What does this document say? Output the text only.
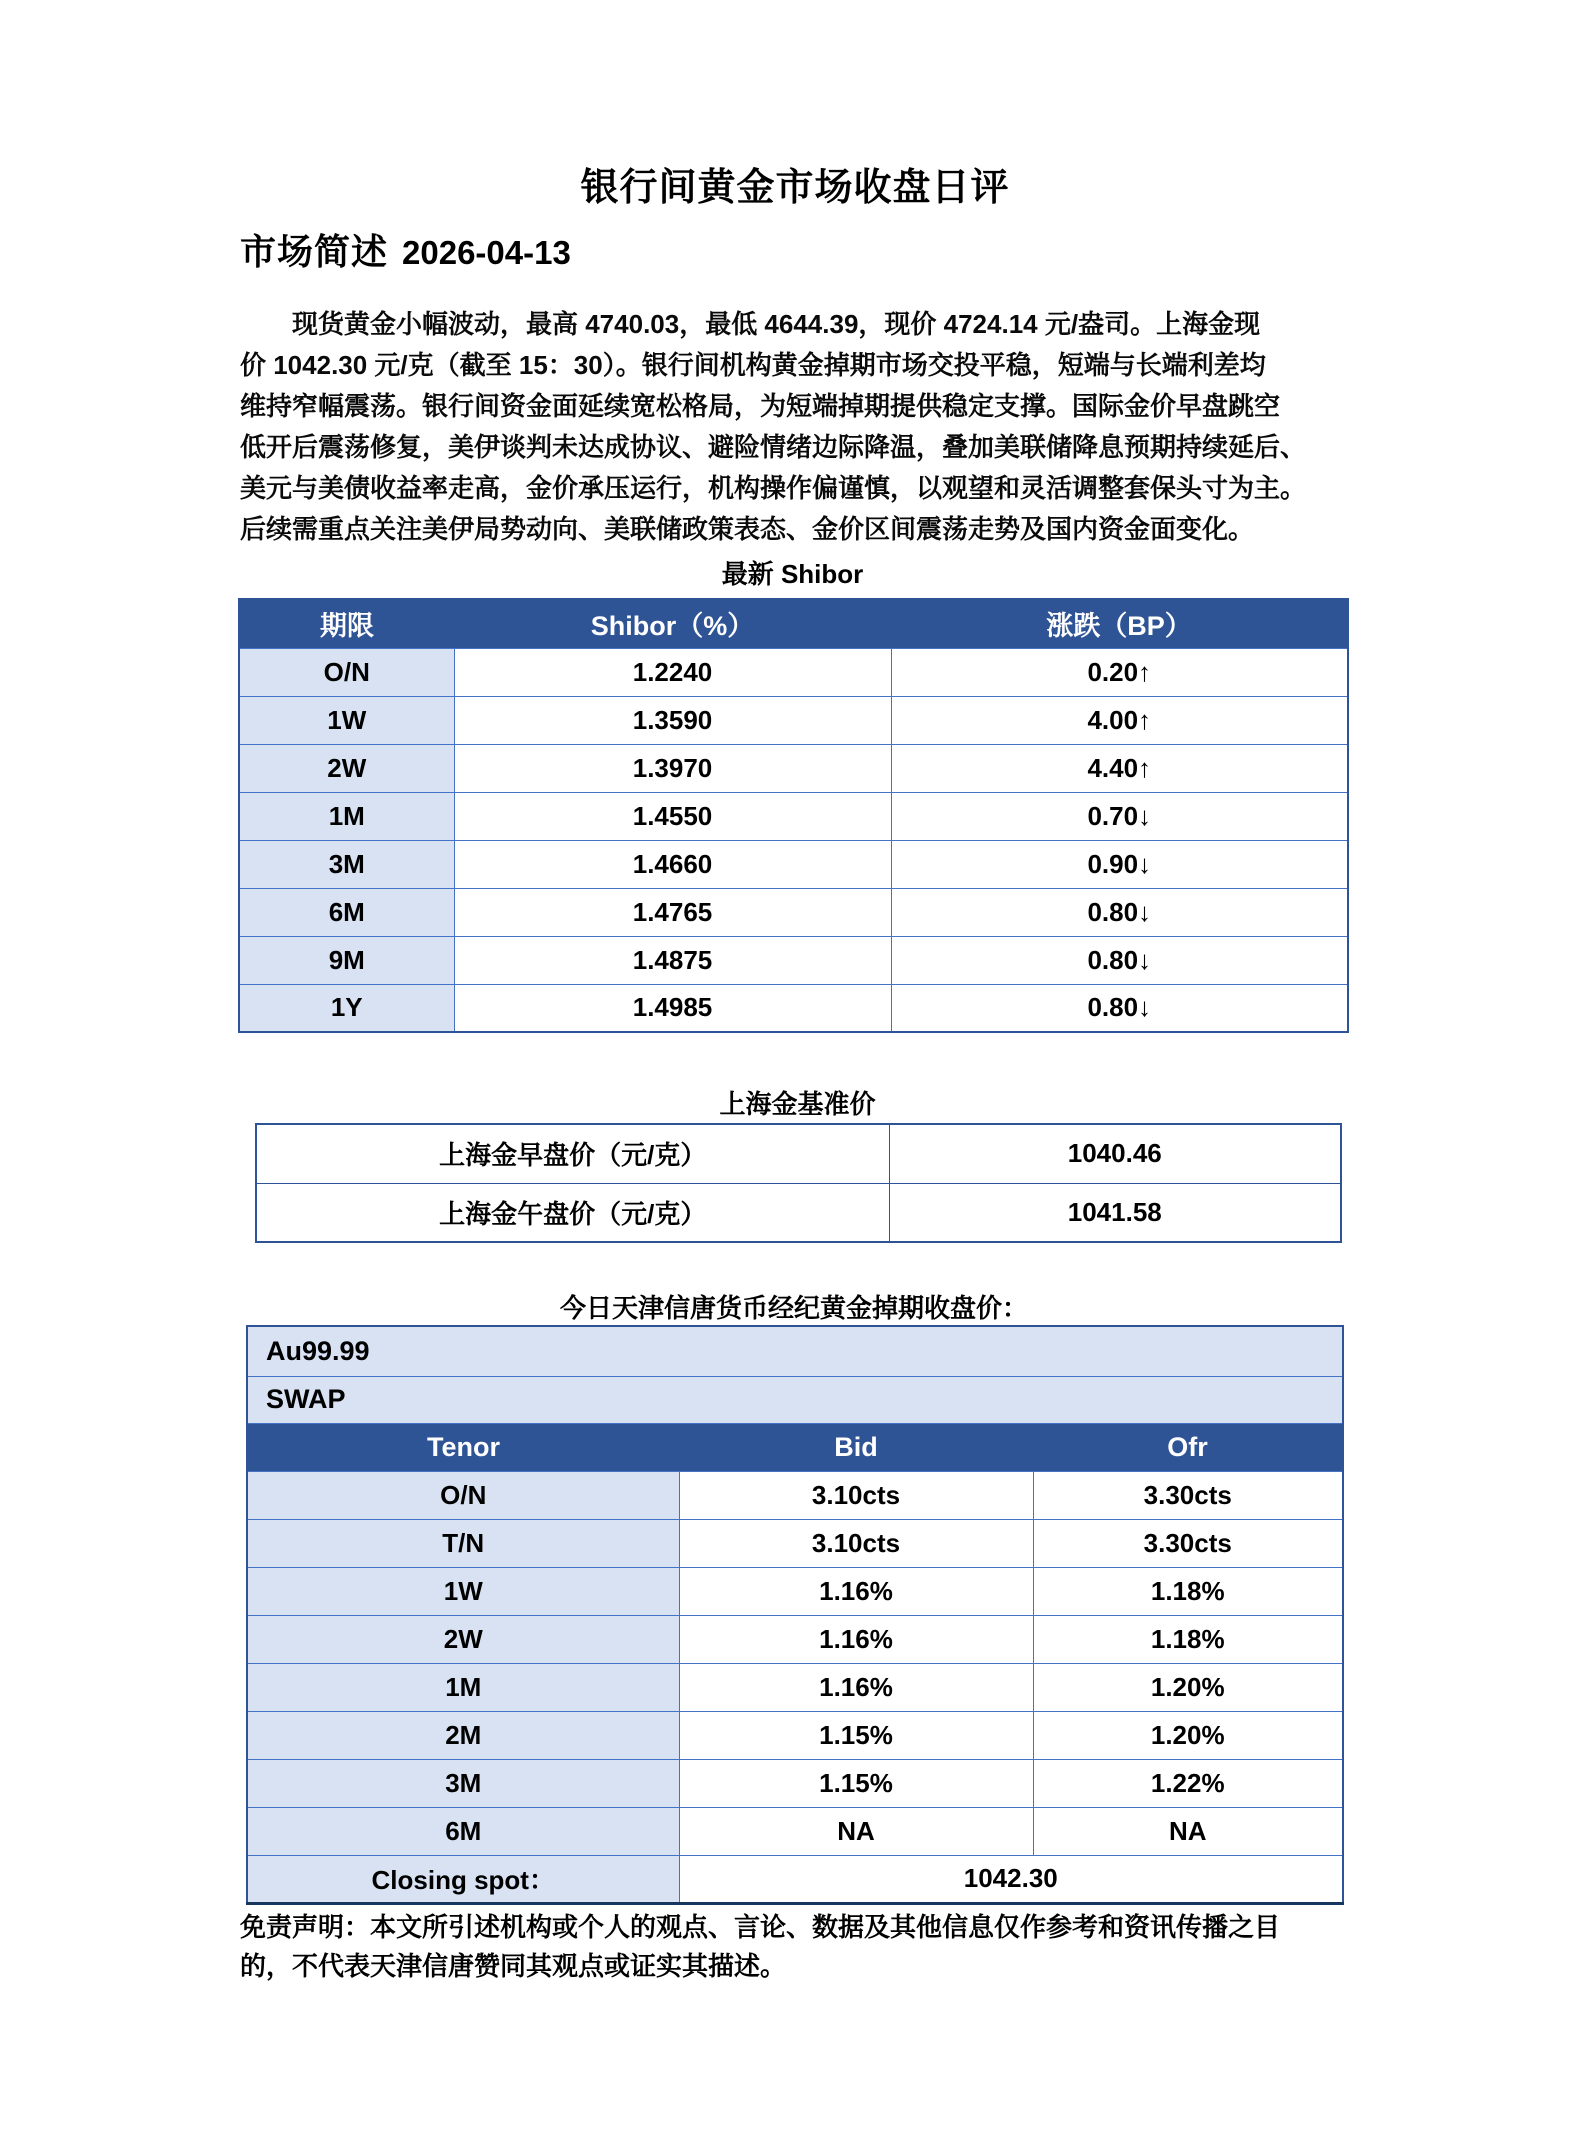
银行间黄金市场收盘日评
市场简述 2026-04-13
现货黄金小幅波动，最高 4740.03，最低 4644.39，现价 4724.14 元/盎司。上海金现
价 1042.30 元/克（截至 15：30）。银行间机构黄金掉期市场交投平稳，短端与长端利差均
维持窄幅震荡。银行间资金面延续宽松格局，为短端掉期提供稳定支撑。国际金价早盘跳空
低开后震荡修复，美伊谈判未达成协议、避险情绪边际降温，叠加美联储降息预期持续延后、
美元与美债收益率走高，金价承压运行，机构操作偏谨慎，以观望和灵活调整套保头寸为主。
后续需重点关注美伊局势动向、美联储政策表态、金价区间震荡走势及国内资金面变化。
最新 Shibor
期限	Shibor（%）	涨跌（BP）
O/N	1.2240	0.20↑
1W	1.3590	4.00↑
2W	1.3970	4.40↑
1M	1.4550	0.70↓
3M	1.4660	0.90↓
6M	1.4765	0.80↓
9M	1.4875	0.80↓
1Y	1.4985	0.80↓
上海金基准价
上海金早盘价（元/克）	1040.46
上海金午盘价（元/克）	1041.58
今日天津信唐货币经纪黄金掉期收盘价：
Au99.99		
SWAP		
Tenor	Bid	Ofr
O/N	3.10cts	3.30cts
T/N	3.10cts	3.30cts
1W	1.16%	1.18%
2W	1.16%	1.18%
1M	1.16%	1.20%
2M	1.15%	1.20%
3M	1.15%	1.22%
6M	NA	NA
Closing spot：	1042.30	
免责声明：本文所引述机构或个人的观点、言论、数据及其他信息仅作参考和资讯传播之目
的，不代表天津信唐赞同其观点或证实其描述。
